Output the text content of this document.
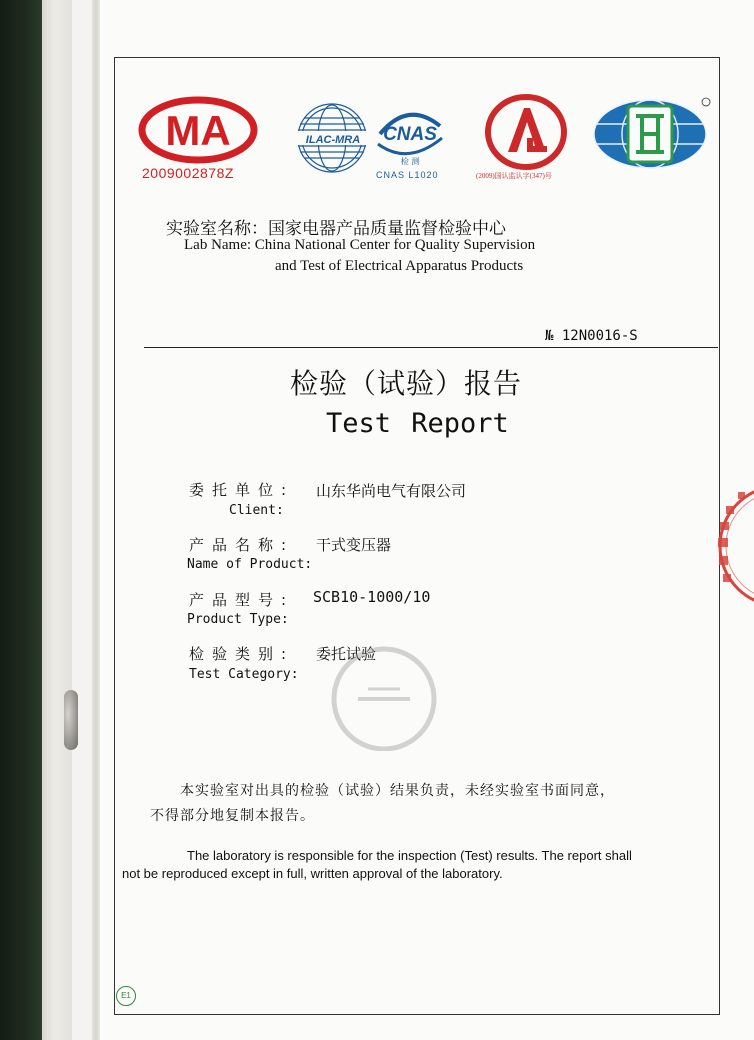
MA
2009002878Z
ILAC-MRA CNAS
检 测
CNAS L1020	(2009)国认监认字(347)号
实验室名称：国家电器产品质量监督检验中心
Lab Name: China National Center for Quality Supervision
and Test of Electrical Apparatus Products
№ 12N0016-S
检验（试验）报告
Test Report
委托单位: 山东华尚电气有限公司
Client:
产品名称: 干式变压器
Name of Product:
产品型号: SCB10-1000/10
Product Type:
检验类别: 委托试验
Test Category:
本实验室对出具的检验（试验）结果负责，未经实验室书面同意，
不得部分地复制本报告。
The laboratory is responsible for the inspection (Test) results. The report shall
not be reproduced except in full, written approval of the laboratory.
E1
